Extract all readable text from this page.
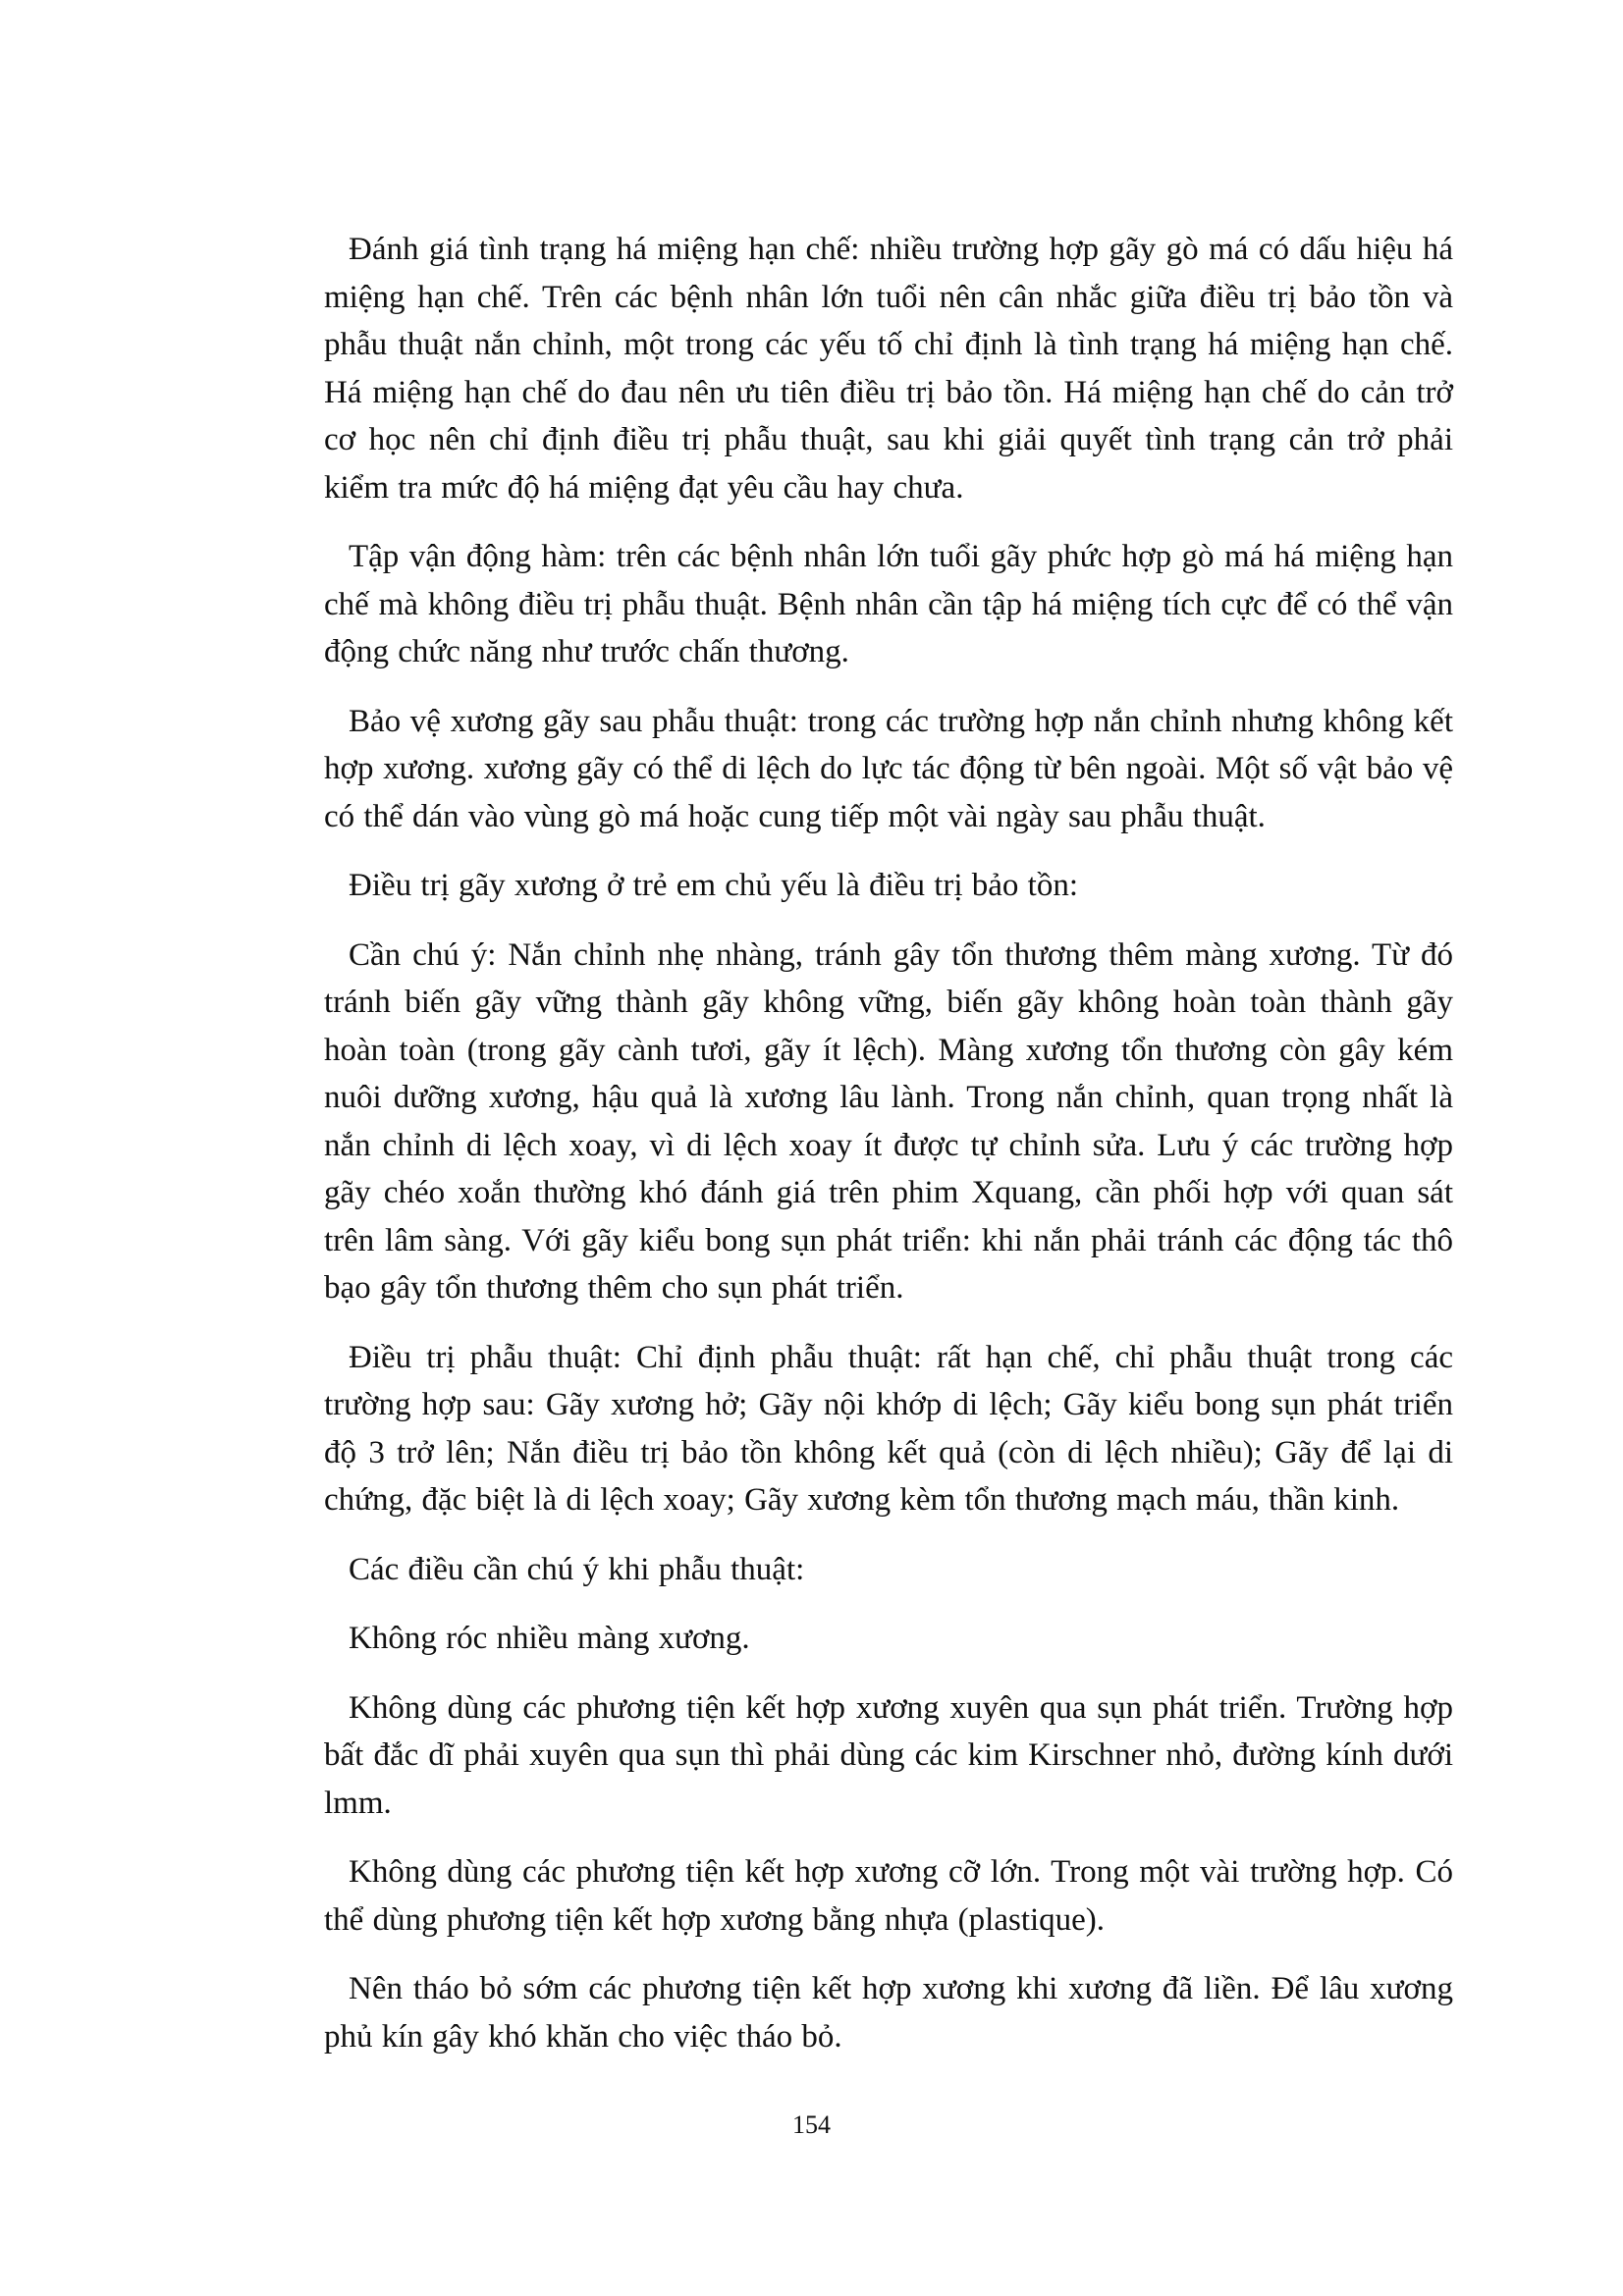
Đánh giá tình trạng há miệng hạn chế: nhiều trường hợp gãy gò má có dấu hiệu há miệng hạn chế. Trên các bệnh nhân lớn tuổi nên cân nhắc giữa điều trị bảo tồn và phẫu thuật nắn chỉnh, một trong các yếu tố chỉ định là tình trạng há miệng hạn chế. Há miệng hạn chế do đau nên ưu tiên điều trị bảo tồn. Há miệng hạn chế do cản trở cơ học nên chỉ định điều trị phẫu thuật, sau khi giải quyết tình trạng cản trở phải kiểm tra mức độ há miệng đạt yêu cầu hay chưa.

Tập vận động hàm: trên các bệnh nhân lớn tuổi gãy phức hợp gò má há miệng hạn chế mà không điều trị phẫu thuật. Bệnh nhân cần tập há miệng tích cực để có thể vận động chức năng như trước chấn thương.

Bảo vệ xương gãy sau phẫu thuật: trong các trường hợp nắn chỉnh nhưng không kết hợp xương. xương gãy có thể di lệch do lực tác động từ bên ngoài. Một số vật bảo vệ có thể dán vào vùng gò má hoặc cung tiếp một vài ngày sau phẫu thuật.

Điều trị gãy xương ở trẻ em chủ yếu là điều trị bảo tồn:

Cần chú ý: Nắn chỉnh nhẹ nhàng, tránh gây tổn thương thêm màng xương. Từ đó tránh biến gãy vững thành gãy không vững, biến gãy không hoàn toàn thành gãy hoàn toàn (trong gãy cành tươi, gãy ít lệch). Màng xương tổn thương còn gây kém nuôi dưỡng xương, hậu quả là xương lâu lành. Trong nắn chỉnh, quan trọng nhất là nắn chỉnh di lệch xoay, vì di lệch xoay ít được tự chỉnh sửa. Lưu ý các trường hợp gãy chéo xoắn thường khó đánh giá trên phim Xquang, cần phối hợp với quan sát trên lâm sàng. Với gãy kiểu bong sụn phát triển: khi nắn phải tránh các động tác thô bạo gây tổn thương thêm cho sụn phát triển.

Điều trị phẫu thuật: Chỉ định phẫu thuật: rất hạn chế, chỉ phẫu thuật trong các trường hợp sau: Gãy xương hở; Gãy nội khớp di lệch; Gãy kiểu bong sụn phát triển độ 3 trở lên; Nắn điều trị bảo tồn không kết quả (còn di lệch nhiều); Gãy để lại di chứng, đặc biệt là di lệch xoay; Gãy xương kèm tổn thương mạch máu, thần kinh.

Các điều cần chú ý khi phẫu thuật:

Không róc nhiều màng xương.

Không dùng các phương tiện kết hợp xương xuyên qua sụn phát triển. Trường hợp bất đắc dĩ phải xuyên qua sụn thì phải dùng các kim Kirschner nhỏ, đường kính dưới lmm.

Không dùng các phương tiện kết hợp xương cỡ lớn. Trong một vài trường hợp. Có thể dùng phương tiện kết hợp xương bằng nhựa (plastique).

Nên tháo bỏ sớm các phương tiện kết hợp xương khi xương đã liền. Để lâu xương phủ kín gây khó khăn cho việc tháo bỏ.

154
